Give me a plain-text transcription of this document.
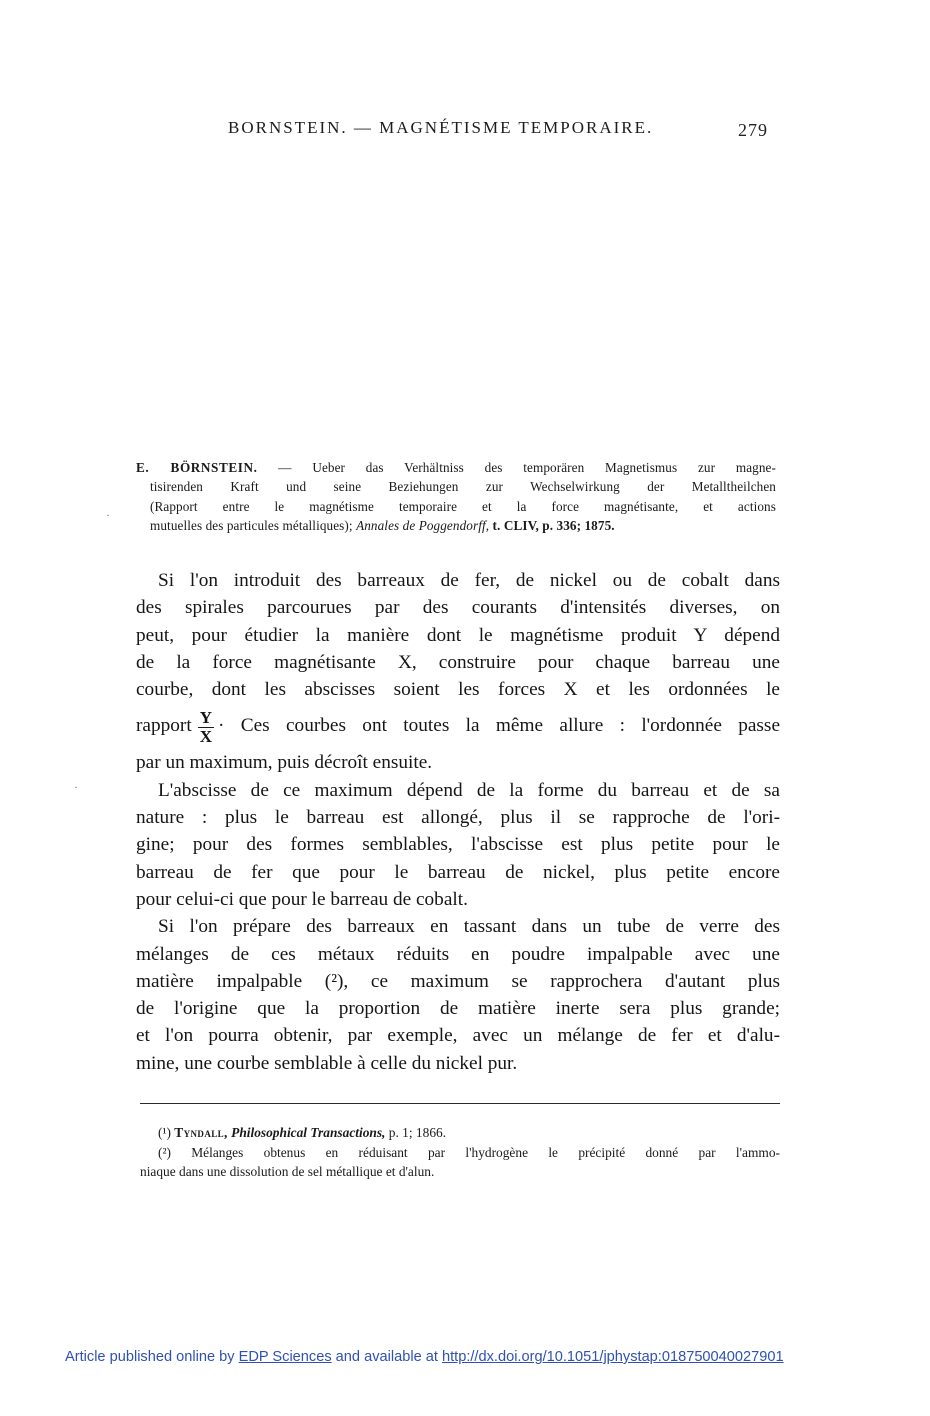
BORNSTEIN. — MAGNÉTISME TEMPORAIRE.	279
·
·
E. BÖRNSTEIN. — Ueber das Verhältniss des temporären Magnetismus zur magne-
tisirenden Kraft und seine Beziehungen zur Wechselwirkung der Metalltheilchen
(Rapport entre le magnétisme temporaire et la force magnétisante, et actions
mutuelles des particules métalliques); Annales de Poggendorff, t. CLIV, p. 336; 1875.
Si l'on introduit des barreaux de fer, de nickel ou de cobalt dans
des spirales parcourues par des courants d'intensités diverses, on
peut, pour étudier la manière dont le magnétisme produit Y dépend
de la force magnétisante X, construire pour chaque barreau une
courbe, dont les abscisses soient les forces X et les ordonnées le
rapport $\frac{Y}{X}$ · Ces courbes ont toutes la même allure : l'ordonnée passe
par un maximum, puis décroît ensuite.
L'abscisse de ce maximum dépend de la forme du barreau et de sa
nature : plus le barreau est allongé, plus il se rapproche de l'ori-
gine; pour des formes semblables, l'abscisse est plus petite pour le
barreau de fer que pour le barreau de nickel, plus petite encore
pour celui-ci que pour le barreau de cobalt.
Si l'on prépare des barreaux en tassant dans un tube de verre des
mélanges de ces métaux réduits en poudre impalpable avec une
matière impalpable (²), ce maximum se rapprochera d'autant plus
de l'origine que la proportion de matière inerte sera plus grande;
et l'on pourra obtenir, par exemple, avec un mélange de fer et d'alu-
mine, une courbe semblable à celle du nickel pur.
(¹) Tyndall, Philosophical Transactions, p. 1; 1866.
(²) Mélanges obtenus en réduisant par l'hydrogène le précipité donné par l'ammo-
niaque dans une dissolution de sel métallique et d'alun.
Article published online by EDP Sciences and available at http://dx.doi.org/10.1051/jphystap:018750040027901
